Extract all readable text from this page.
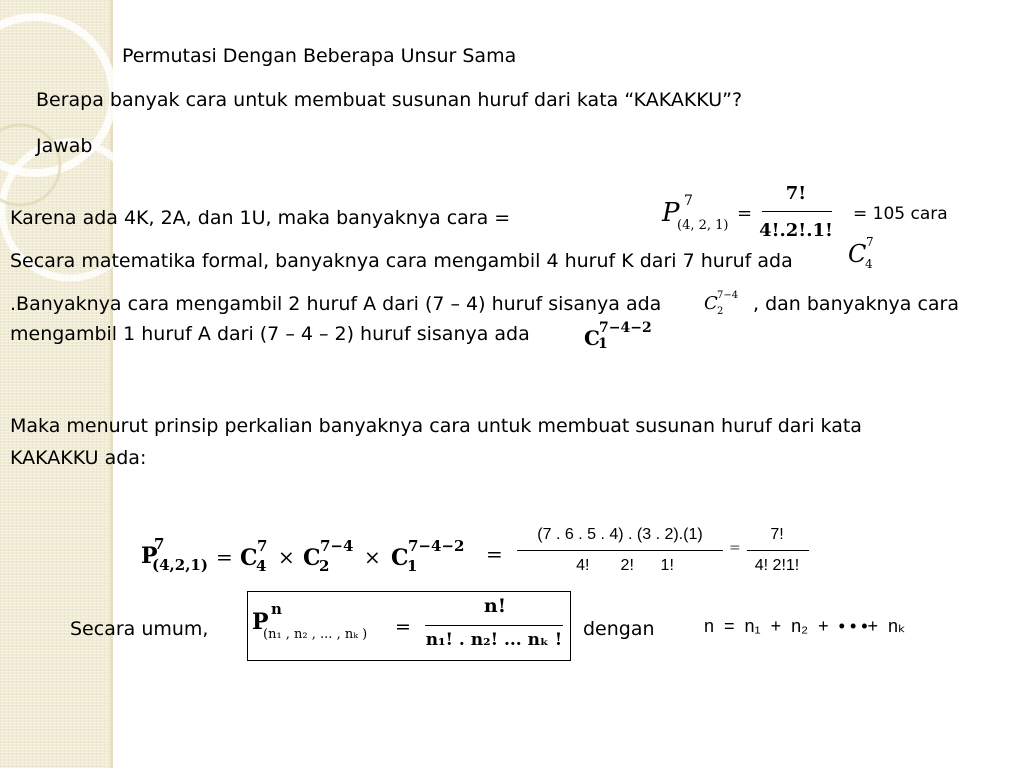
Permutasi Dengan Beberapa Unsur Sama
Berapa banyak cara untuk membuat susunan huruf dari kata “KAKAKKU”?
Jawab
Karena ada 4K, 2A, dan 1U, maka banyaknya cara =
Secara matematika formal, banyaknya cara mengambil 4 huruf K dari 7 huruf ada
.Banyaknya cara mengambil 2 huruf A dari (7 – 4) huruf sisanya ada	, dan banyaknya cara
mengambil 1 huruf A dari (7 – 4 – 2) huruf sisanya ada
Maka menurut prinsip perkalian banyaknya cara untuk membuat susunan huruf dari kata
KAKAKKU ada:
P 7
(4, 2, 1)
=
7!
4!.2!.1!
= 105 cara
C 7
4
C 7−4
2
C 7−4−2
1
P
7
(4,2,1) = C 7
4 × C 7−4
2 × C 7−4−2
1	=
(7 . 6 . 5 . 4) . (3 . 2).(1)
4!       2!      1!
=
7!
4! 2!1!
Secara umum, P n
(n₁ , n₂ , ... , nₖ ) =
n!
n₁! . n₂! ... nₖ !	dengan	n  =  n₁  +  n₂  +  • • •+  nₖ
